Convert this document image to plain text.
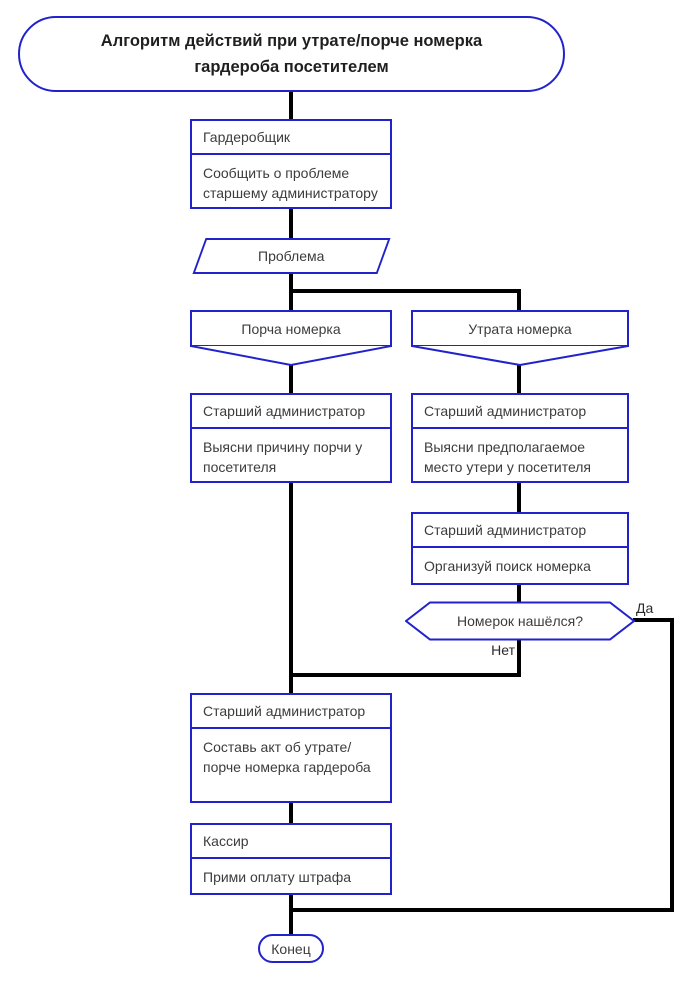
Алгоритм действий при утрате/порче номерка гардероба посетителем
Гардеробщик
Сообщить о проблеме старшему администратору
Проблема
Порча номерка	Утрата номерка
Старший администратор
Выясни причину порчи у посетителя
Старший администратор
Выясни предполагаемое место утери у посетителя
Старший администратор
Организуй поиск номерка
Номерок нашёлся?
Да
Нет
Старший администратор
Составь акт об утрате/порче номерка гардероба
Кассир
Прими оплату штрафа
Конец
